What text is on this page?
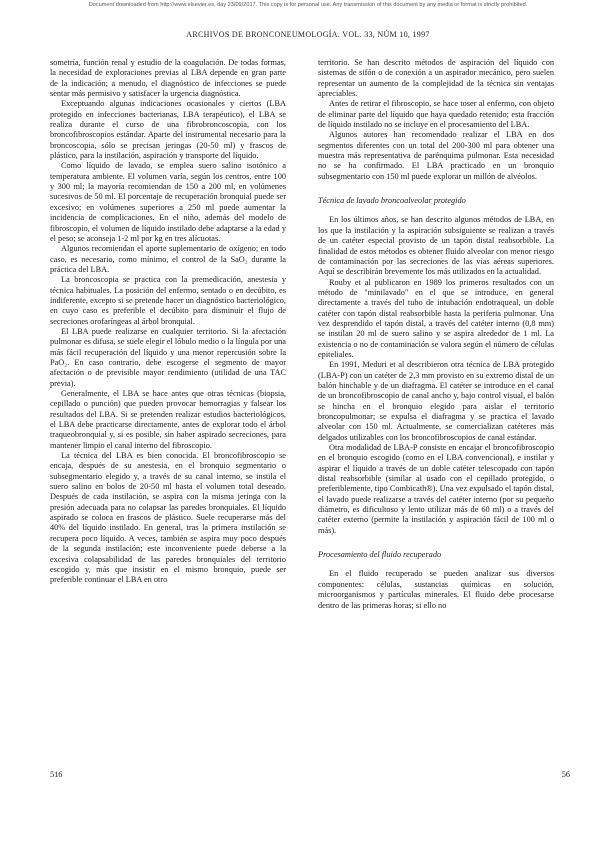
Document downloaded from http://www.elsevier.es, day 23/09/2017. This copy is for personal use. Any transmission of this document by any media or format is strictly prohibited.
ARCHIVOS DE BRONCONEUMOLOGÍA. VOL. 33, NÚM 10, 1997

sometría, función renal y estudio de la coagulación. De todas formas, la necesidad de exploraciones previas al LBA depende en gran parte de la indicación; a menudo, el diagnóstico de infecciones se puede sentar más permisivo y satisfacer la urgencia diagnóstica.

Exceptuando algunas indicaciones ocasionales y ciertos (LBA protegido en infecciones bacterianas, LBA terapéutico), el LBA se realiza durante el curso de una fibrobroncoscopia, con los broncofibroscopios estándar. Aparte del instrumental necesario para la broncoscopia, sólo se precisan jeringas (20-50 ml) y frascos de plástico, para la instilación, aspiración y transporte del líquido.

Como líquido de lavado, se emplea suero salino isotónico a temperatura ambiente. El volumen varía, según los centros, entre 100 y 300 ml; la mayoría recomiendan de 150 a 200 ml, en volúmenes sucesivos de 50 ml. El porcentaje de recuperación bronquial puede ser excesivo; en volúmenes superiores a 250 ml puede aumentar la incidencia de complicaciones. En el niño, además del modelo de fibroscopio, el volumen de líquido instilado debe adaptarse a la edad y el peso; se aconseja 1-2 ml por kg en tres alícuotas.

Algunos recomiendan el aporte suplementario de oxígeno; en todo caso, es necesario, como mínimo, el control de la SaO₂ durante la práctica del LBA.

La broncoscopia se practica con la premedicación, anestesia y técnica habituales. La posición del enfermo, sentado o en decúbito, es indiferente, excepto si se pretende hacer un diagnóstico bacteriológico, en cuyo caso es preferible el decúbito para disminuir el flujo de secreciones orofaríngeas al árbol bronquial.

El LBA puede realizarse en cualquier territorio. Si la afectación pulmonar es difusa, se suele elegir el lóbulo medio o la língula por una más fácil recuperación del líquido y una menor repercusión sobre la PaO₂. En caso contrario, debe escogerse el segmento de mayor afectación o de previsible mayor rendimiento (utilidad de una TAC previa).

Generalmente, el LBA se hace antes que otras técnicas (biopsia, cepillado o punción) que pueden provocar hemorragias y falsear los resultados del LBA. Si se pretenden realizar estudios bacteriológicos, el LBA debe practicarse directamente, antes de explorar todo el árbol traqueobronquial y, si es posible, sin haber aspirado secreciones, para mantener limpio el canal interno del fibroscopio.

La técnica del LBA es bien conocida. El broncofibroscopio se encaja, después de su anestesia, en el bronquio segmentario o subsegmentario elegido y, a través de su canal interno, se instila el suero salino en bolos de 20-50 ml hasta el volumen total deseado. Después de cada instilación, se aspira con la misma jeringa con la presión adecuada para no colapsar las paredes bronquiales. El líquido aspirado se coloca en frascos de plástico. Suele recuperarse más del 40% del líquido instilado. En general, tras la primera instilación se recupera poco líquido. A veces, también se aspira muy poco después de la segunda instilación; este inconveniente puede deberse a la excesiva colapsabilidad de las paredes bronquiales del territorio escogido y, más que insistir en el mismo bronquio, puede ser preferible continuar el LBA en otro

territorio. Se han descrito métodos de aspiración del líquido con sistemas de sifón o de conexión a un aspirador mecánico, pero suelen representar un aumento de la complejidad de la técnica sin ventajas apreciables.

Antes de retirar el fibroscopio, se hace toser al enfermo, con objeto de eliminar parte del líquido que haya quedado retenido; esta fracción de líquido instilado no se incluye en el procesamiento del LBA.

Algunos autores han recomendado realizar el LBA en dos segmentos diferentes con un total del 200-300 ml para obtener una muestra más representativa de parénquima pulmonar. Esta necesidad no se ha confirmado. El LBA practicado en un bronquio subsegmentario con 150 ml puede explorar un millón de alvéolos.

Técnica de lavado broncoalveolar protegido

En los últimos años, se han descrito algunos métodos de LBA, en los que la instilación y la aspiración subsiguiente se realizan a través de un catéter especial provisto de un tapón distal reabsorbible. La finalidad de estos métodos es obtener fluido alveolar con menor riesgo de contaminación por las secreciones de las vías aéreas superiores. Aquí se describirán brevemente los más utilizados en la actualidad.

Rouby et al publicaron en 1989 los primeros resultados con un método de "minilavado" en el que se introduce, en general directamente a través del tubo de intubación endotraqueal, un doble catéter con tapón distal reabsorbible hasta la periferia pulmonar. Una vez desprendido el tapón distal, a través del catéter interno (0,8 mm) se instilan 20 ml de suero salino y se aspira alrededor de 1 ml. La existencia o no de contaminación se valora según el número de células epiteliales.

En 1991, Meduri et al describieron otra técnica de LBA protegido (LBA-P) con un catéter de 2,3 mm provisto en su extremo distal de un balón hinchable y de un diafragma. El catéter se introduce en el canal de un broncofibroscopio de canal ancho y, bajo control visual, el balón se hincha en el bronquio elegido para aislar el territorio broncopulmonar; se expulsa el diafragma y se practica el lavado alveolar con 150 ml. Actualmente, se comercializan catéteres más delgados utilizables con los broncofibroscopios de canal estándar.

Otra modalidad de LBA-P consiste en encajar el broncofibroscopio en el bronquio escogido (como en el LBA convencional), e instilar y aspirar el líquido a través de un doble catéter telescopado con tapón distal reabsorbible (similar al usado con el cepillado protegido, o preferiblemente, tipo Combicath®). Una vez expulsado el tapón distal, el lavado puede realizarse a través del catéter interno (por su pequeño diámetro, es dificultoso y lento utilizar más de 60 ml) o a través del catéter externo (permite la instilación y aspiración fácil de 100 ml o más).

Procesamiento del fluido recuperado

En el fluido recuperado se pueden analizar sus diversos componentes: células, sustancias químicas en solución, microorganismos y partículas minerales. El fluido debe procesarse dentro de las primeras horas; si ello no

516	56
